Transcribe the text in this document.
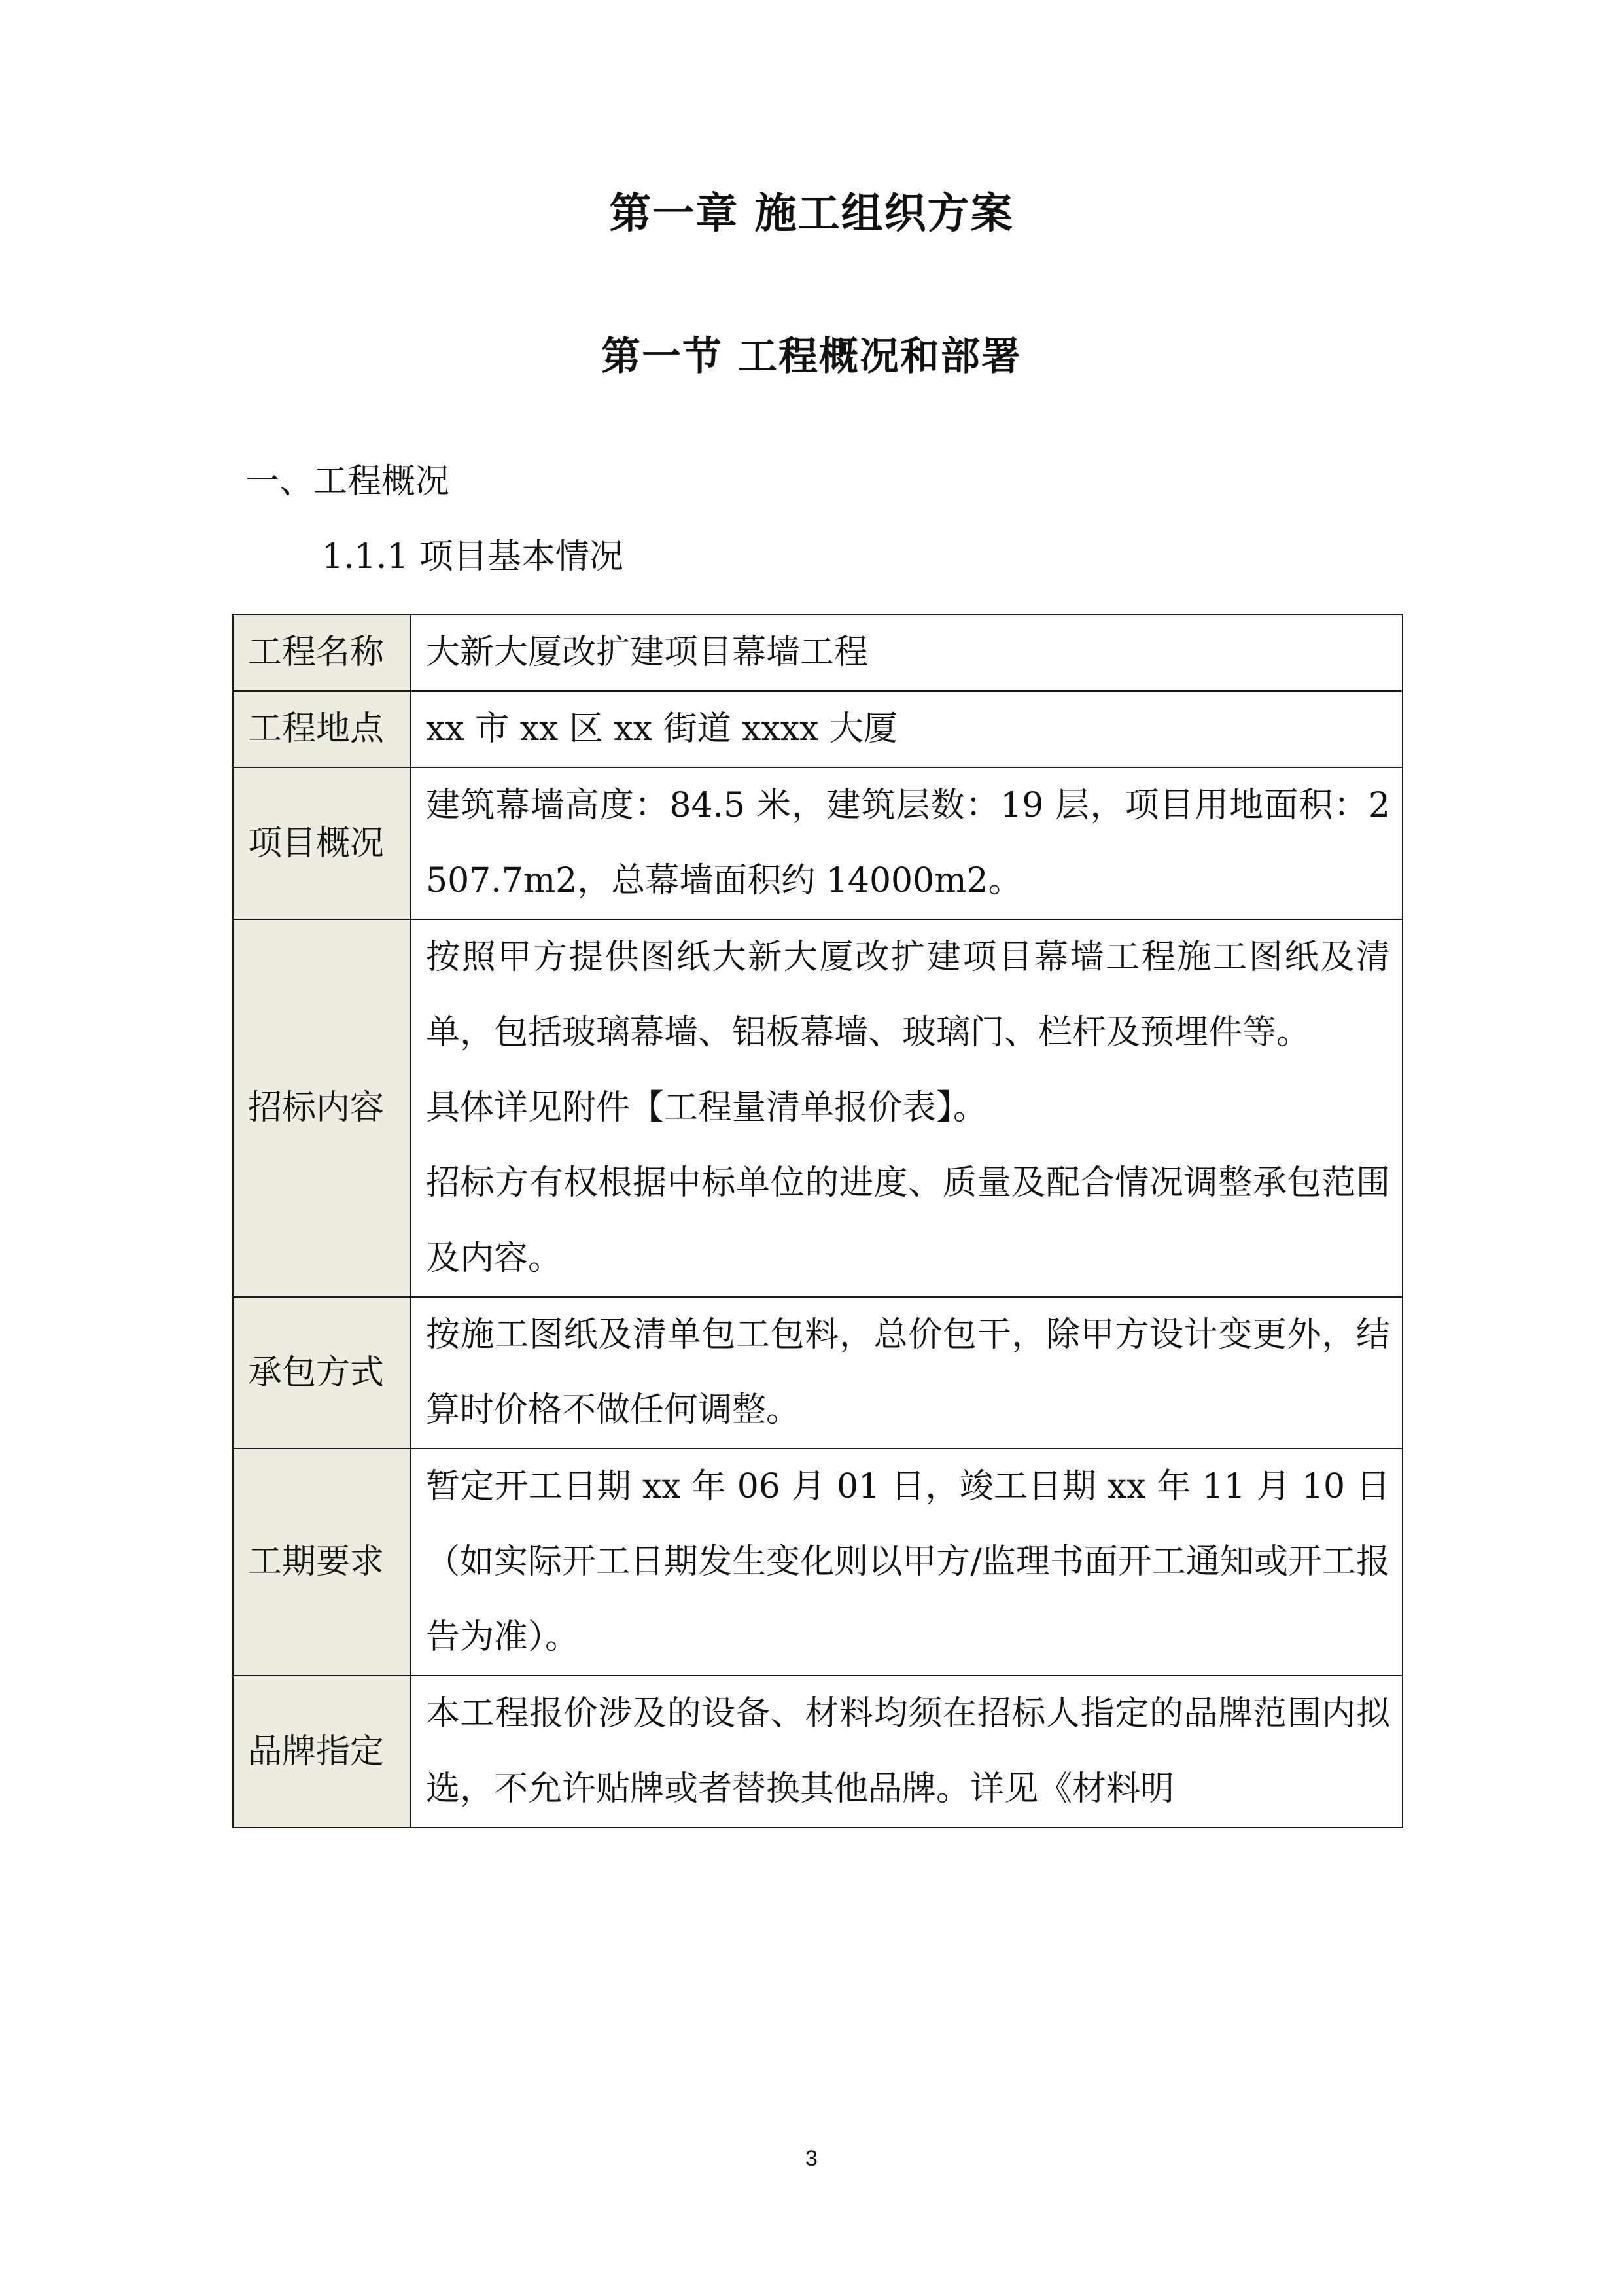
第一章 施工组织方案
第一节 工程概况和部署
一、工程概况
1.1.1 项目基本情况
工程名称	大新大厦改扩建项目幕墙工程

工程地点	xx 市 xx 区 xx 街道 xxxx 大厦

项目概况	建筑幕墙高度：84.5 米，建筑层数：19 层，项目用地面积：2507.7m2，总幕墙面积约 14000m2。

招标内容	按照甲方提供图纸大新大厦改扩建项目幕墙工程施工图纸及清单，包括玻璃幕墙、铝板幕墙、玻璃门、栏杆及预埋件等。
具体详见附件【工程量清单报价表】。
招标方有权根据中标单位的进度、质量及配合情况调整承包范围及内容。

承包方式	按施工图纸及清单包工包料，总价包干，除甲方设计变更外，结算时价格不做任何调整。

工期要求	暂定开工日期 xx 年 06 月 01 日，竣工日期 xx 年 11 月 10 日（如实际开工日期发生变化则以甲方/监理书面开工通知或开工报告为准）。

品牌指定	本工程报价涉及的设备、材料均须在招标人指定的品牌范围内拟选，不允许贴牌或者替换其他品牌。详见《材料明
3
